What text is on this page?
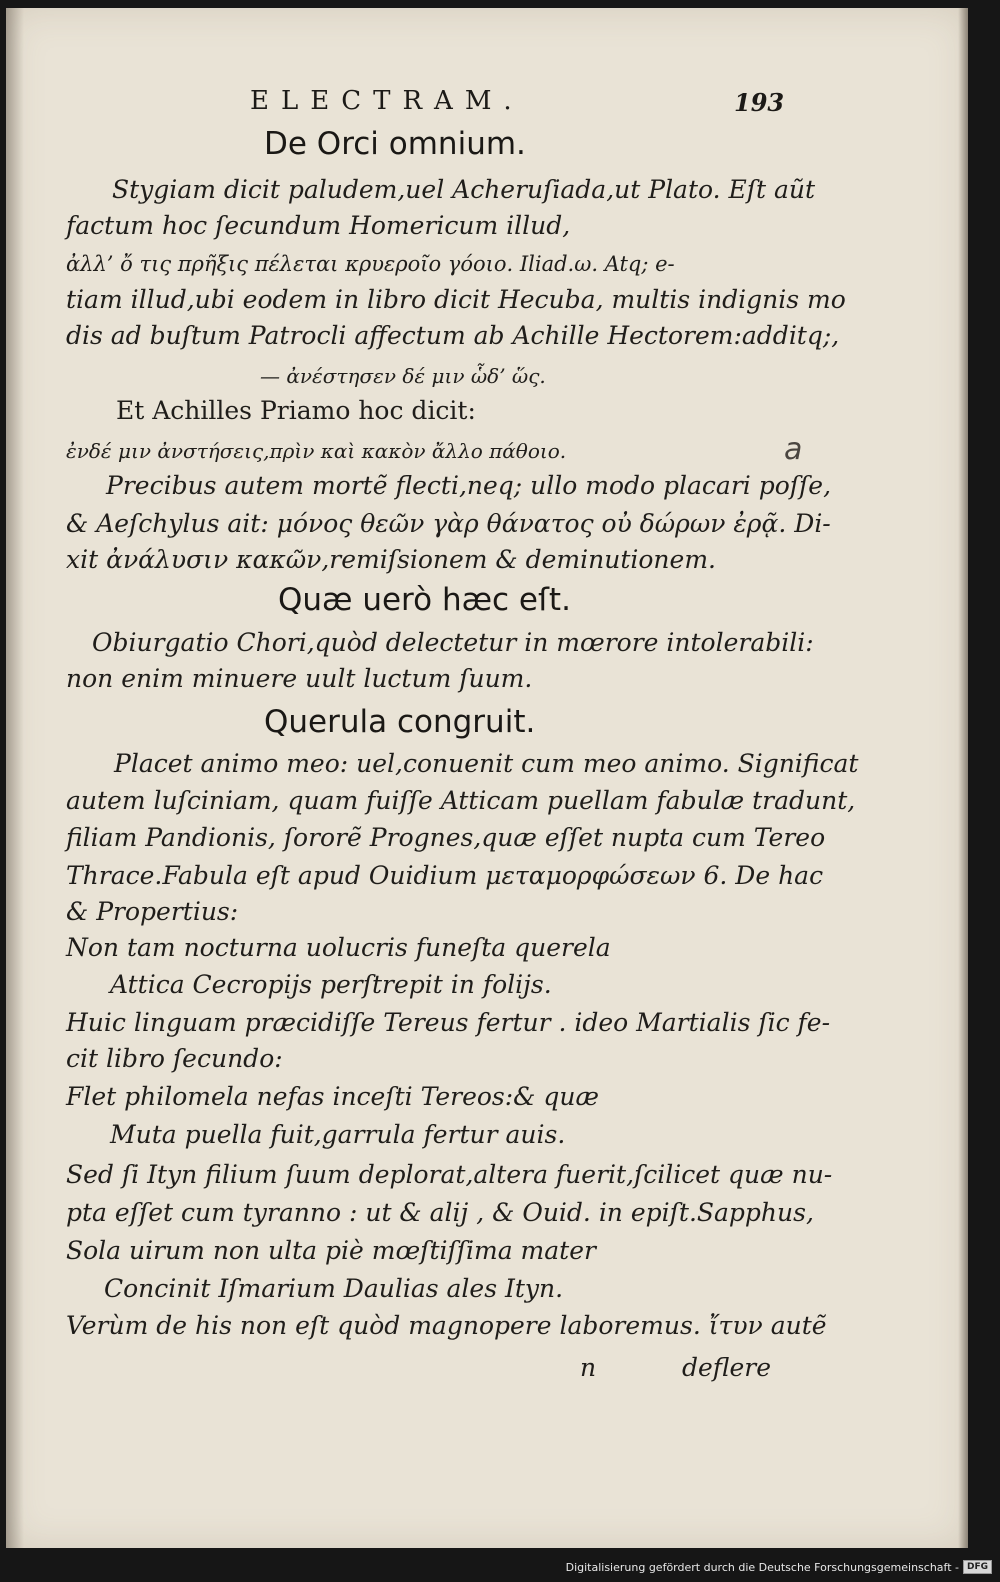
ELECTRAM.	193
De Orci omnium.
Stygiam dicit paludem,uel Acheruſiada,ut Plato. Eſt aũt
factum hoc ſecundum Homericum illud,
ἀλλ’ ὄ τις πρῆξις πέλεται κρυεροῖο γόοιο. Iliad.ω. Atq; e-
tiam illud,ubi eodem in libro dicit Hecuba, multis indignis mo
dis ad buſtum Patrocli affectum ab Achille Hectorem:additq;,
— ἀνέστησεν δέ μιν ὧδ’ ὥς.
Et Achilles Priamo hoc dicit:
ἐνδέ μιν ἀνστήσεις,πρὶν καὶ κακὸν ἄλλο πάθοιο.
Precibus autem mortẽ flecti,neq; ullo modo placari poſſe,
& Aeſchylus ait: μόνος θεῶν γὰρ θάνατος οὐ δώρων ἐρᾷ. Di-
xit ἀνάλυσιν κακῶν,remiſsionem & deminutionem.
Quæ uerò hæc eſt.
Obiurgatio Chori,quòd delectetur in mœrore intolerabili:
non enim minuere uult luctum ſuum.
Querula congruit.
Placet animo meo: uel,conuenit cum meo animo. Significat
autem luſciniam, quam fuiſſe Atticam puellam fabulæ tradunt,
filiam Pandionis, ſororẽ Prognes,quæ eſſet nupta cum Tereo
Thrace.Fabula eſt apud Ouidium μεταμορφώσεων 6. De hac
& Propertius:
Non tam nocturna uolucris funeſta querela
Attica Cecropijs perſtrepit in folijs.
Huic linguam præcidiſſe Tereus fertur . ideo Martialis ſic fe-
cit libro ſecundo:
Flet philomela nefas inceſti Tereos:& quæ
Muta puella fuit,garrula fertur auis.
Sed ſi Ityn filium ſuum deplorat,altera fuerit,ſcilicet quæ nu-
pta eſſet cum tyranno : ut & alij , & Ouid. in epiſt.Sapphus,
Sola uirum non ulta piè mœſtiſſima mater
Concinit Iſmarium Daulias ales Ityn.
Verùm de his non eſt quòd magnopere laboremus. ἴτυν autẽ
n	deflere
a
Digitalisierung gefördert durch die Deutsche Forschungsgemeinschaft - DFG
